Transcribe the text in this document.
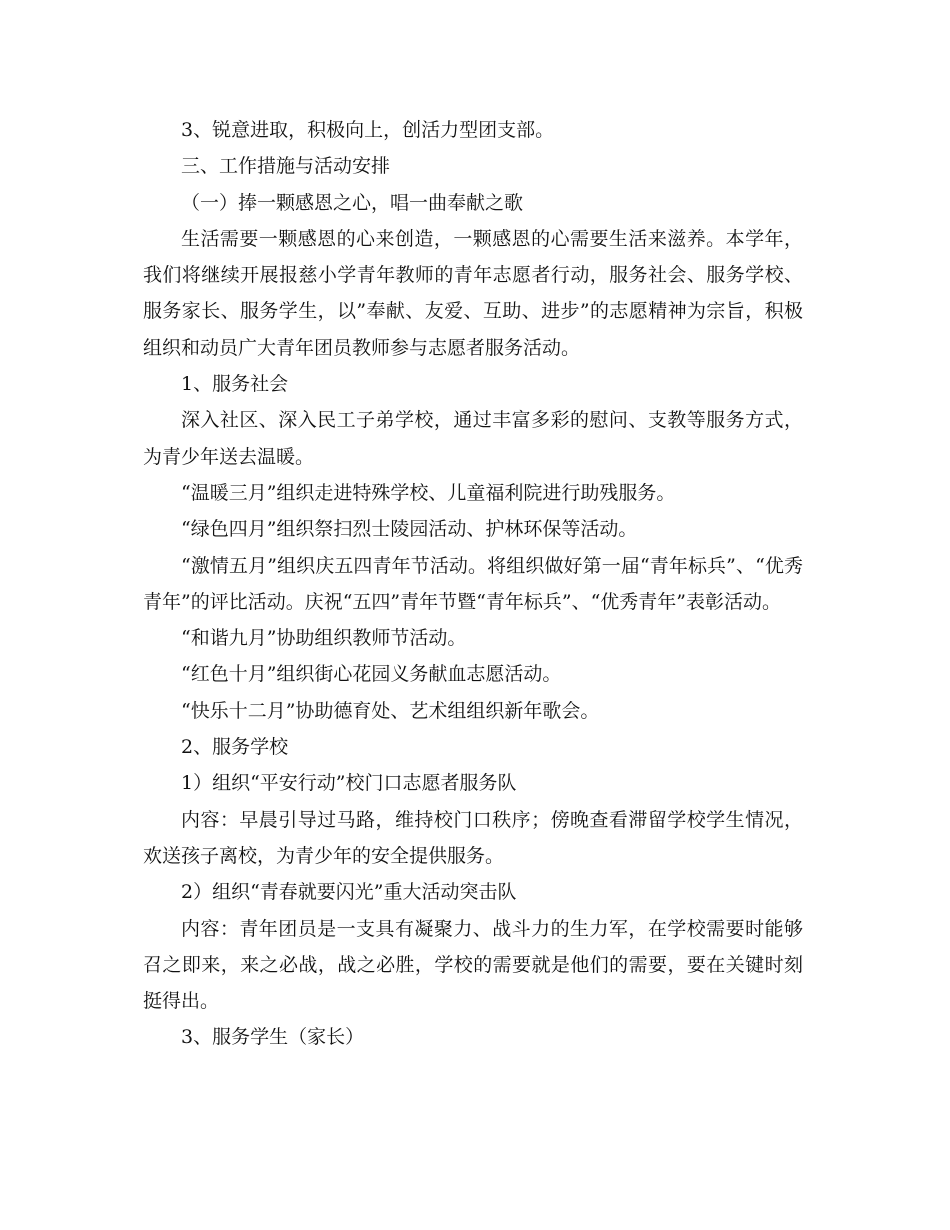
3、锐意进取，积极向上，创活力型团支部。

三、工作措施与活动安排

（一）捧一颗感恩之心，唱一曲奉献之歌

生活需要一颗感恩的心来创造，一颗感恩的心需要生活来滋养。本学年，我们将继续开展报慈小学青年教师的青年志愿者行动，服务社会、服务学校、服务家长、服务学生，以”奉献、友爱、互助、进步”的志愿精神为宗旨，积极组织和动员广大青年团员教师参与志愿者服务活动。

1、服务社会

深入社区、深入民工子弟学校，通过丰富多彩的慰问、支教等服务方式，为青少年送去温暖。

“温暖三月”组织走进特殊学校、儿童福利院进行助残服务。

“绿色四月”组织祭扫烈士陵园活动、护林环保等活动。

“激情五月”组织庆五四青年节活动。将组织做好第一届“青年标兵”、“优秀青年”的评比活动。庆祝“五四”青年节暨“青年标兵”、“优秀青年”表彰活动。

“和谐九月”协助组织教师节活动。

“红色十月”组织街心花园义务献血志愿活动。

“快乐十二月”协助德育处、艺术组组织新年歌会。

2、服务学校

1）组织“平安行动”校门口志愿者服务队

内容：早晨引导过马路，维持校门口秩序；傍晚查看滞留学校学生情况，欢送孩子离校，为青少年的安全提供服务。

2）组织“青春就要闪光”重大活动突击队

内容：青年团员是一支具有凝聚力、战斗力的生力军，在学校需要时能够召之即来，来之必战，战之必胜，学校的需要就是他们的需要，要在关键时刻挺得出。

3、服务学生（家长）
